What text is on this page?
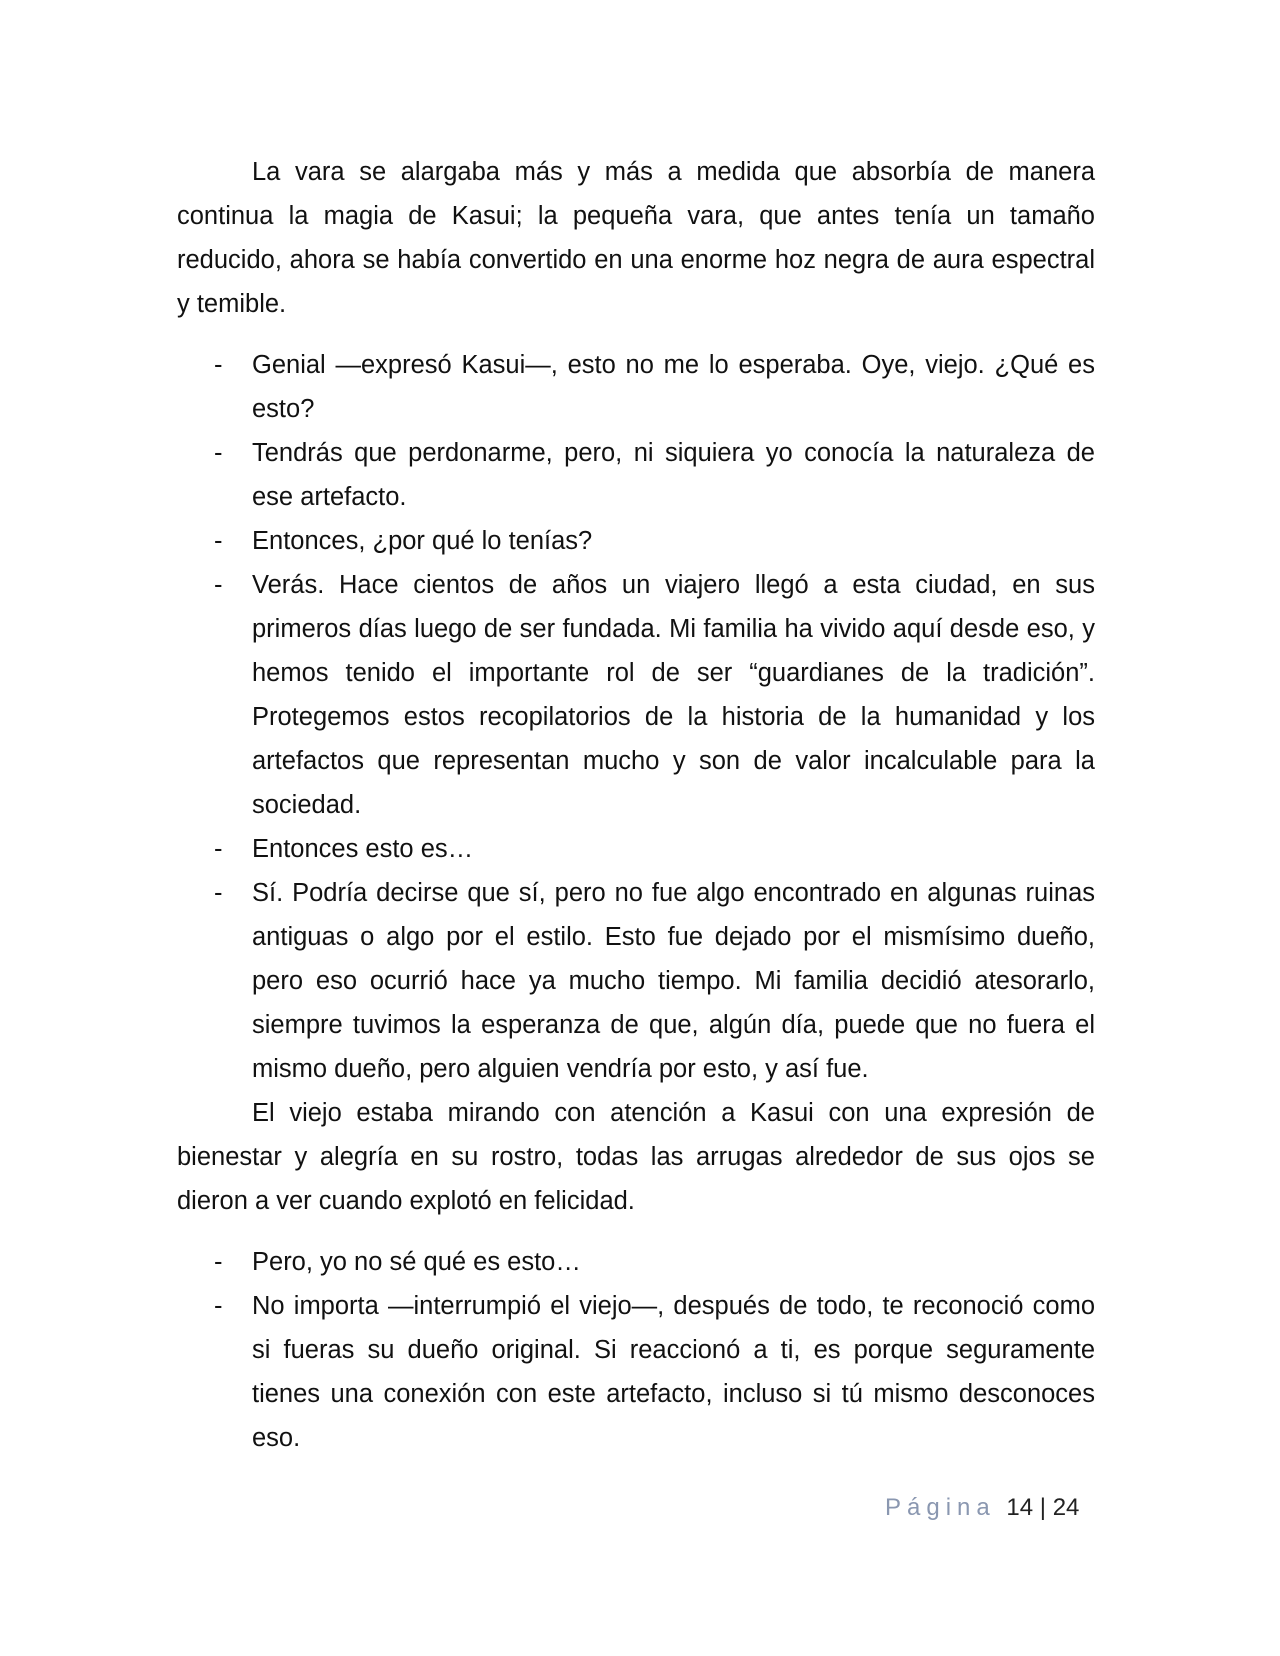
La vara se alargaba más y más a medida que absorbía de manera continua la magia de Kasui; la pequeña vara, que antes tenía un tamaño reducido, ahora se había convertido en una enorme hoz negra de aura espectral y temible.

- Genial —expresó Kasui—, esto no me lo esperaba. Oye, viejo. ¿Qué es esto?
- Tendrás que perdonarme, pero, ni siquiera yo conocía la naturaleza de ese artefacto.
- Entonces, ¿por qué lo tenías?
- Verás. Hace cientos de años un viajero llegó a esta ciudad, en sus primeros días luego de ser fundada. Mi familia ha vivido aquí desde eso, y hemos tenido el importante rol de ser “guardianes de la tradición”. Protegemos estos recopilatorios de la historia de la humanidad y los artefactos que representan mucho y son de valor incalculable para la sociedad.
- Entonces esto es…
- Sí. Podría decirse que sí, pero no fue algo encontrado en algunas ruinas antiguas o algo por el estilo. Esto fue dejado por el mismísimo dueño, pero eso ocurrió hace ya mucho tiempo. Mi familia decidió atesorarlo, siempre tuvimos la esperanza de que, algún día, puede que no fuera el mismo dueño, pero alguien vendría por esto, y así fue.

El viejo estaba mirando con atención a Kasui con una expresión de bienestar y alegría en su rostro, todas las arrugas alrededor de sus ojos se dieron a ver cuando explotó en felicidad.

- Pero, yo no sé qué es esto…
- No importa —interrumpió el viejo—, después de todo, te reconoció como si fueras su dueño original. Si reaccionó a ti, es porque seguramente tienes una conexión con este artefacto, incluso si tú mismo desconoces eso.
Página 14 | 24
